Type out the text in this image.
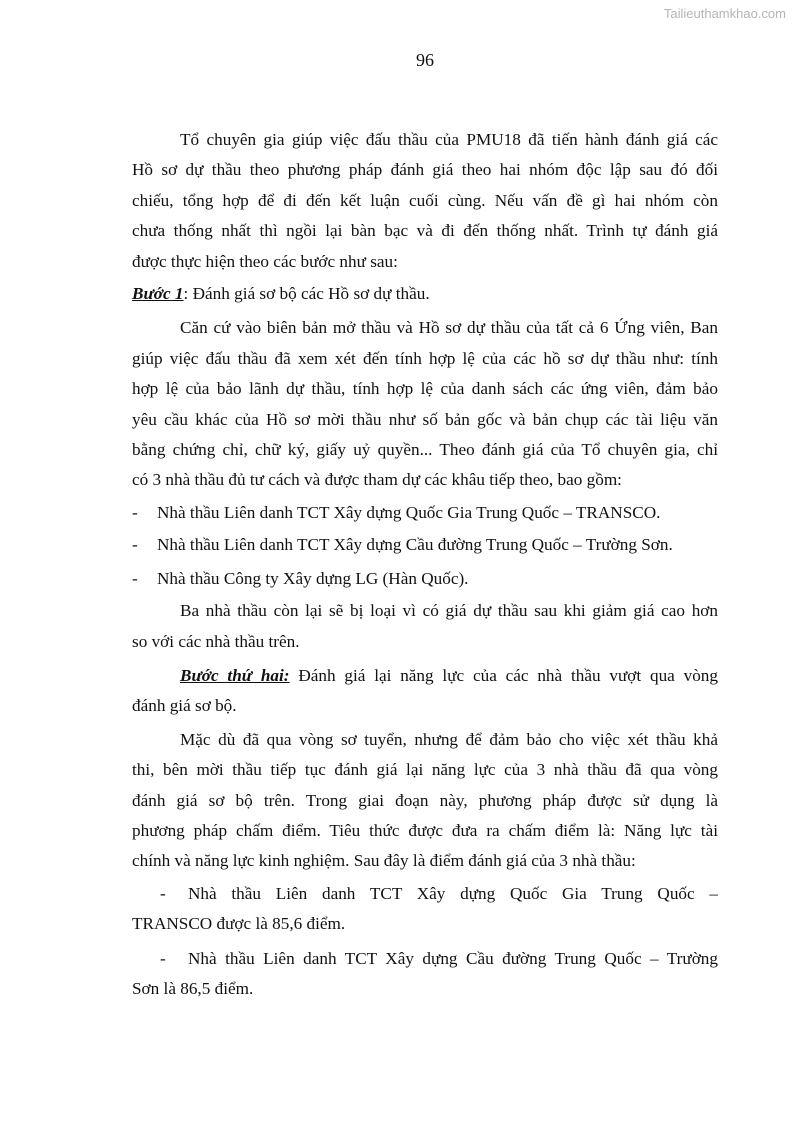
Tailieuthamkhao.com
96
Tổ chuyên gia giúp việc đấu thầu của PMU18 đã tiến hành đánh giá các
Hồ sơ dự thầu theo phương pháp đánh giá theo hai nhóm độc lập sau đó đối
chiếu, tổng hợp để đi đến kết luận cuối cùng. Nếu vấn đề gì hai nhóm còn
chưa thống nhất thì ngồi lại bàn bạc và đi đến thống nhất. Trình tự đánh giá
được thực hiện theo các bước như sau:
Bước 1: Đánh giá sơ bộ các Hồ sơ dự thầu.
Căn cứ vào biên bản mở thầu và Hồ sơ dự thầu của tất cả 6 Ứng viên, Ban
giúp việc đấu thầu đã xem xét đến tính hợp lệ của các hồ sơ dự thầu như: tính
hợp lệ của bảo lãnh dự thầu, tính hợp lệ của danh sách các ứng viên, đảm bảo
yêu cầu khác của Hồ sơ mời thầu như số bản gốc và bản chụp các tài liệu văn
bằng chứng chỉ, chữ ký, giấy uỷ quyền... Theo đánh giá của Tổ chuyên gia, chỉ
có 3 nhà thầu đủ tư cách và được tham dự các khâu tiếp theo, bao gồm:
-	Nhà thầu Liên danh TCT Xây dựng Quốc Gia Trung Quốc – TRANSCO.
-	Nhà thầu Liên danh TCT Xây dựng Cầu đường Trung Quốc – Trường Sơn.
-	Nhà thầu Công ty Xây dựng LG (Hàn Quốc).
Ba nhà thầu còn lại sẽ bị loại vì có giá dự thầu sau khi giảm giá cao hơn
so với các nhà thầu trên.
Bước thứ hai: Đánh giá lại năng lực của các nhà thầu vượt qua vòng
đánh giá sơ bộ.
Mặc dù đã qua vòng sơ tuyển, nhưng để đảm bảo cho việc xét thầu khả
thi, bên mời thầu tiếp tục đánh giá lại năng lực của 3 nhà thầu đã qua vòng
đánh giá sơ bộ trên. Trong giai đoạn này, phương pháp được sử dụng là
phương pháp chấm điểm. Tiêu thức được đưa ra chấm điểm là: Năng lực tài
chính và năng lực kinh nghiệm. Sau đây là điểm đánh giá của 3 nhà thầu:
-	Nhà thầu Liên danh TCT Xây dựng Quốc Gia Trung Quốc –
TRANSCO được là 85,6 điểm.
-	Nhà thầu Liên danh TCT Xây dựng Cầu đường Trung Quốc – Trường
Sơn là 86,5 điểm.
